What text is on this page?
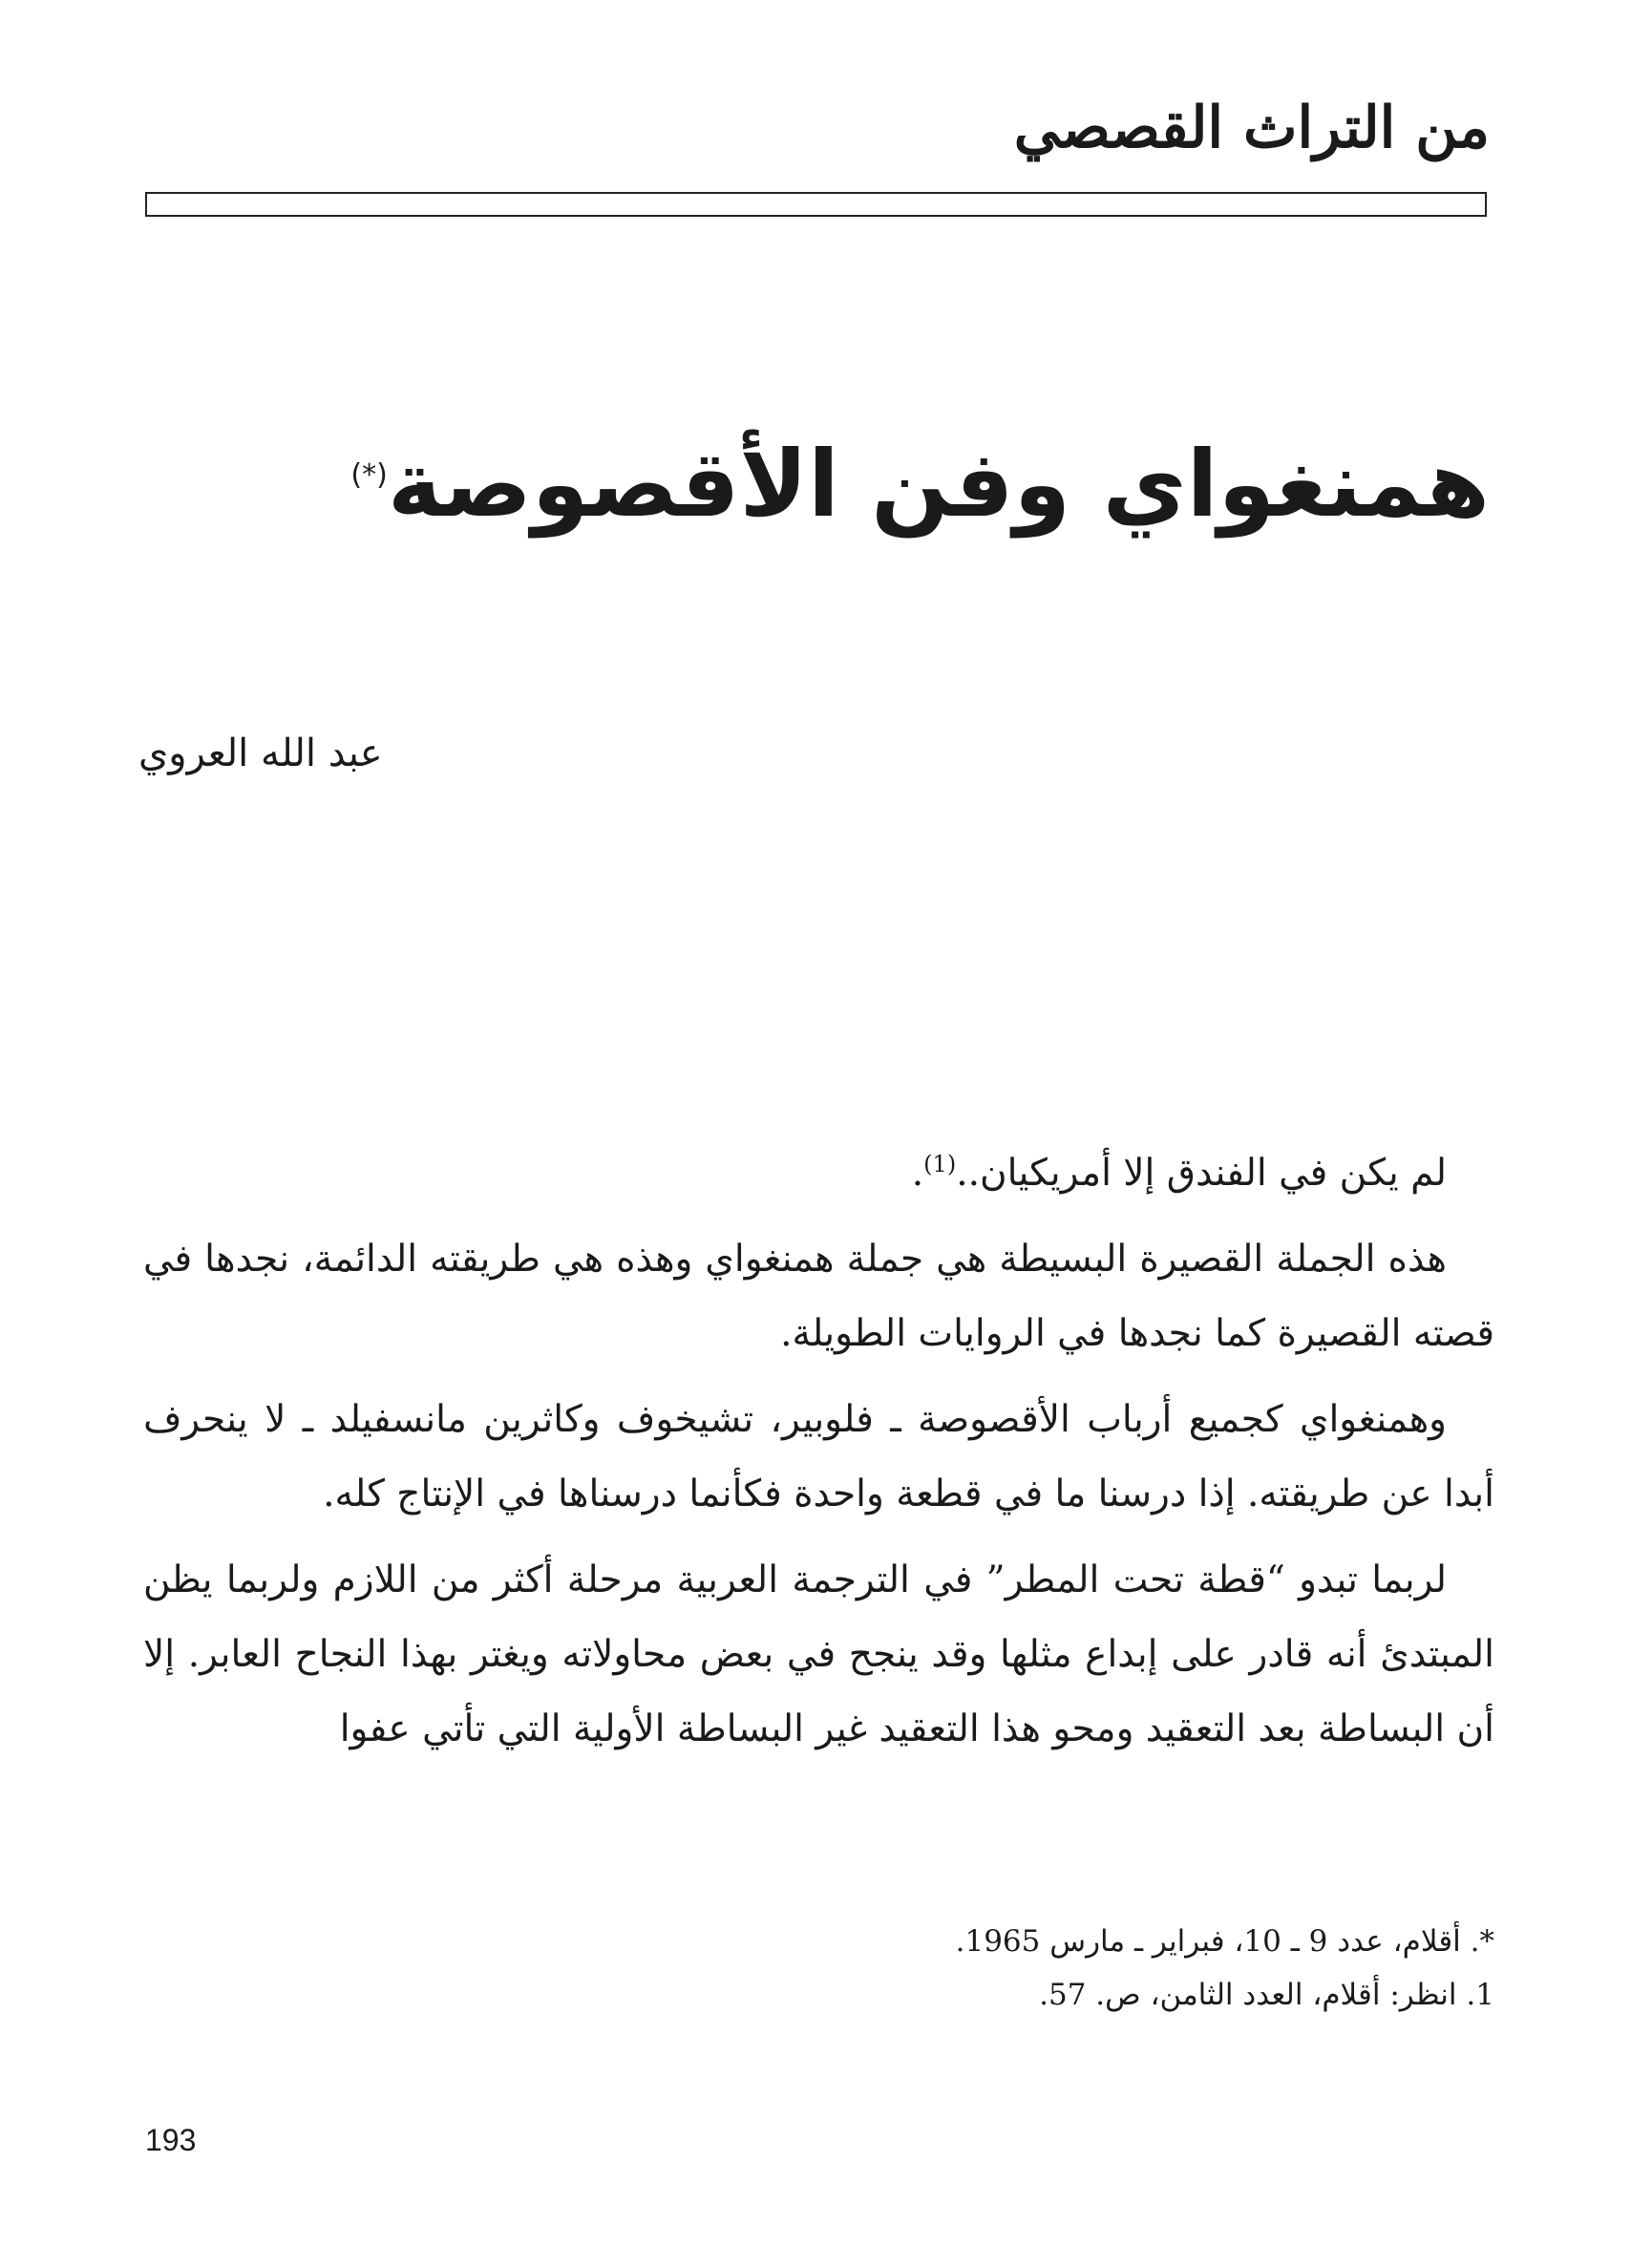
من التراث القصصي
همنغواي وفن الأقصوصة(*)
عبد الله العروي

لم يكن في الفندق إلا أمريكيان..$^{(1)}$.

هذه الجملة القصيرة البسيطة هي جملة همنغواي وهذه هي طريقته الدائمة، نجدها في قصته القصيرة كما نجدها في الروايات الطويلة.

وهمنغواي كجميع أرباب الأقصوصة ـ فلوبير، تشيخوف وكاثرين مانسفيلد ـ لا ينحرف أبدا عن طريقته. إذا درسنا ما في قطعة واحدة فكأنما درسناها في الإنتاج كله.

لربما تبدو “قطة تحت المطر” في الترجمة العربية مرحلة أكثر من اللازم ولربما يظن المبتدئ أنه قادر على إبداع مثلها وقد ينجح في بعض محاولاته ويغتر بهذا النجاح العابر. إلا أن البساطة بعد التعقيد ومحو هذا التعقيد غير البساطة الأولية التي تأتي عفوا

*. أقلام، عدد 9 ـ 10، فبراير ـ مارس 1965.
1. انظر: أقلام، العدد الثامن، ص. 57.
193
